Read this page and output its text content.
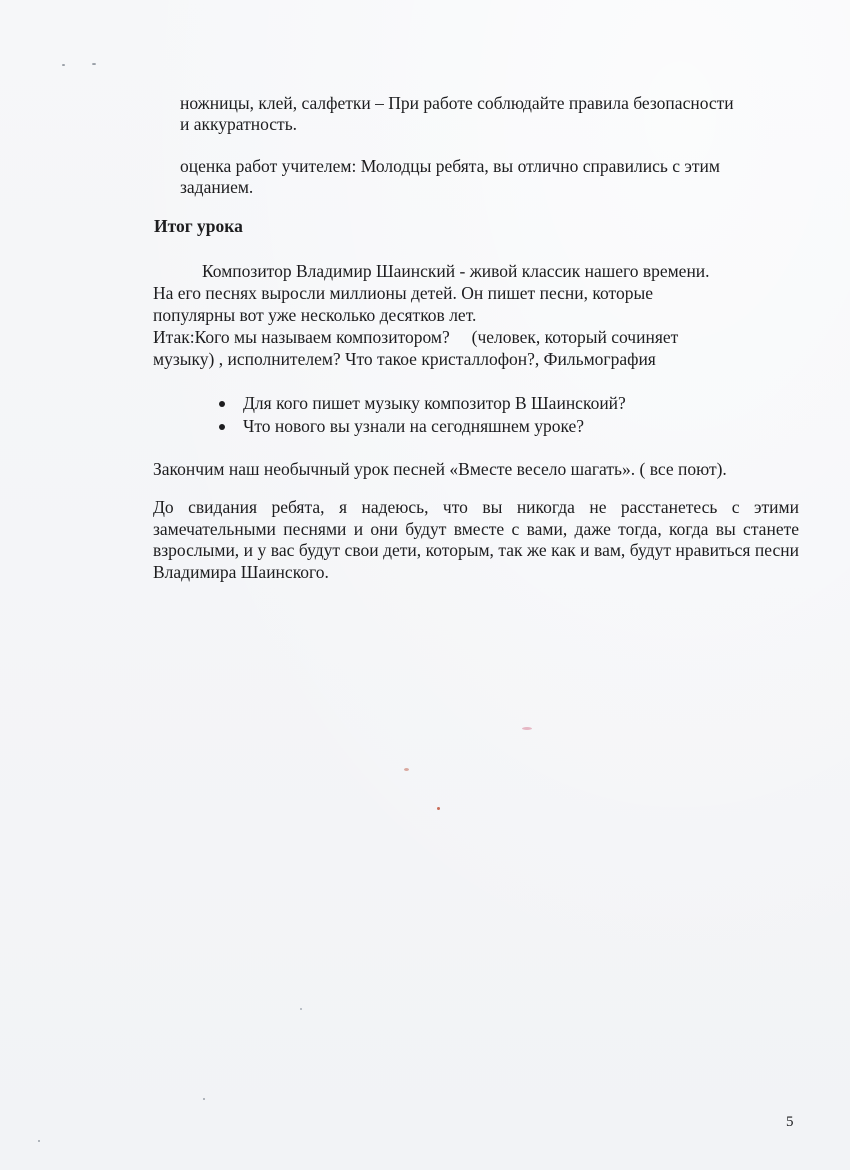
ножницы, клей, салфетки – При работе соблюдайте правила безопасности
и аккуратность.
оценка работ учителем: Молодцы ребята, вы отлично справились с этим
заданием.
Итог урока
Композитор Владимир Шаинский - живой классик нашего времени.
На его песнях выросли миллионы детей. Он пишет песни, которые
популярны вот уже несколько десятков лет.
Итак:Кого мы называем композитором?     (человек, который сочиняет
музыку) , исполнителем? Что такое кристаллофон?, Фильмография
Для кого пишет музыку композитор В Шаинскоий?
Что нового вы узнали на сегодняшнем уроке?
Закончим наш необычный урок песней «Вместе весело шагать». ( все поют).
До свидания ребята, я надеюсь, что вы никогда не расстанетесь с этими замечательными песнями и они будут вместе с вами, даже тогда, когда вы станете взрослыми, и у вас будут свои дети, которым, так же как и вам, будут нравиться песни Владимира Шаинского.
5
